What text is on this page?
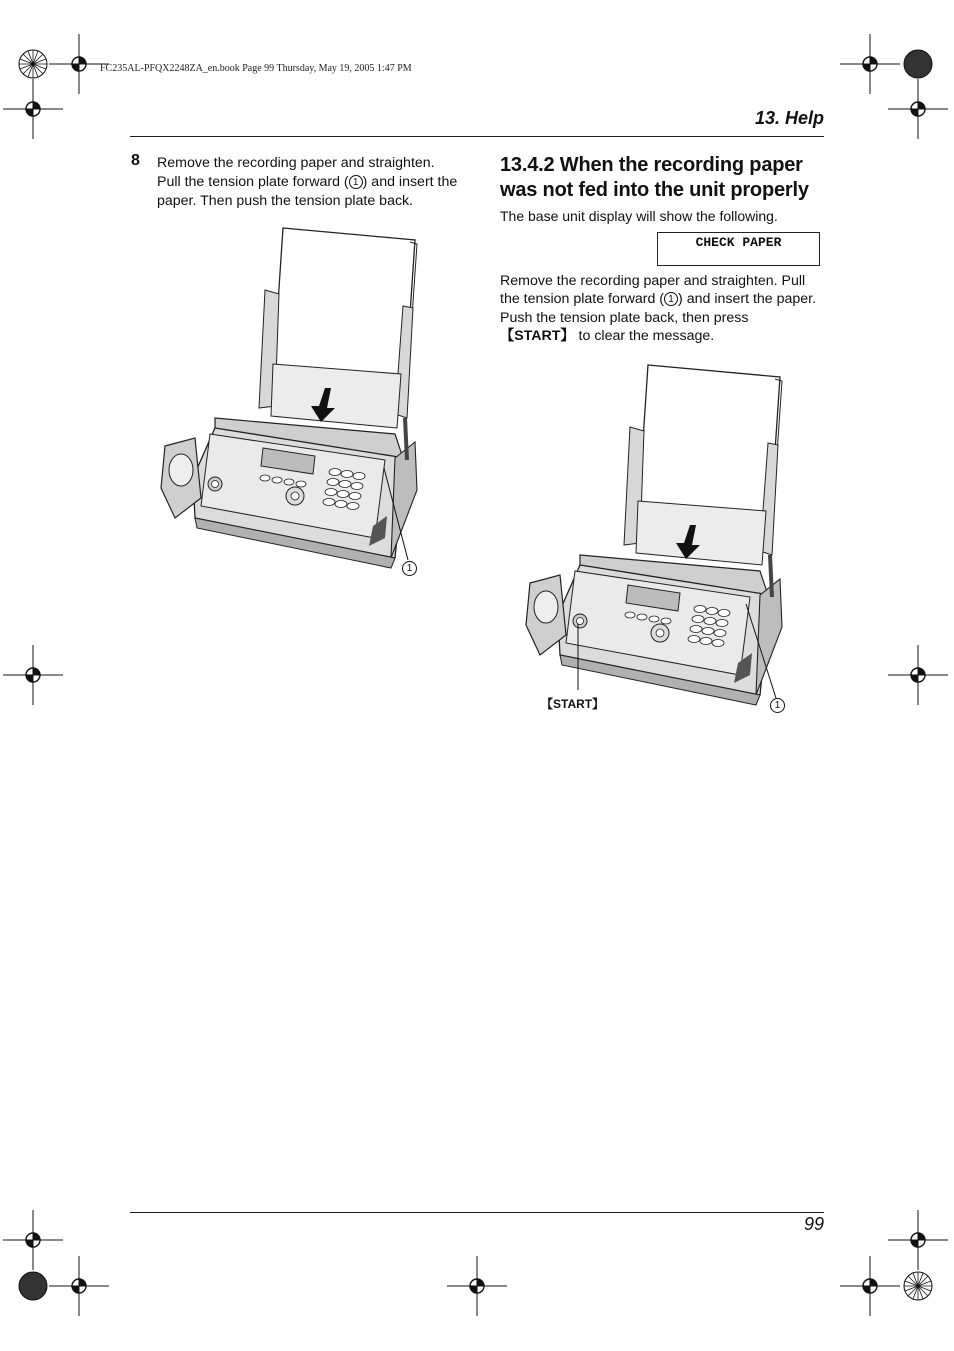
FC235AL-PFQX2248ZA_en.book Page 99 Thursday, May 19, 2005 1:47 PM
13. Help
8 Remove the recording paper and straighten. Pull the tension plate forward ( 1 ) and insert the paper. Then push the tension plate back.
1
13.4.2 When the recording paper was not fed into the unit properly
The base unit display will show the following.
CHECK PAPER
Remove the recording paper and straighten. Pull the tension plate forward ( 1 ) and insert the paper. Push the tension plate back, then press 【START】 to clear the message.
【START】	1
99
